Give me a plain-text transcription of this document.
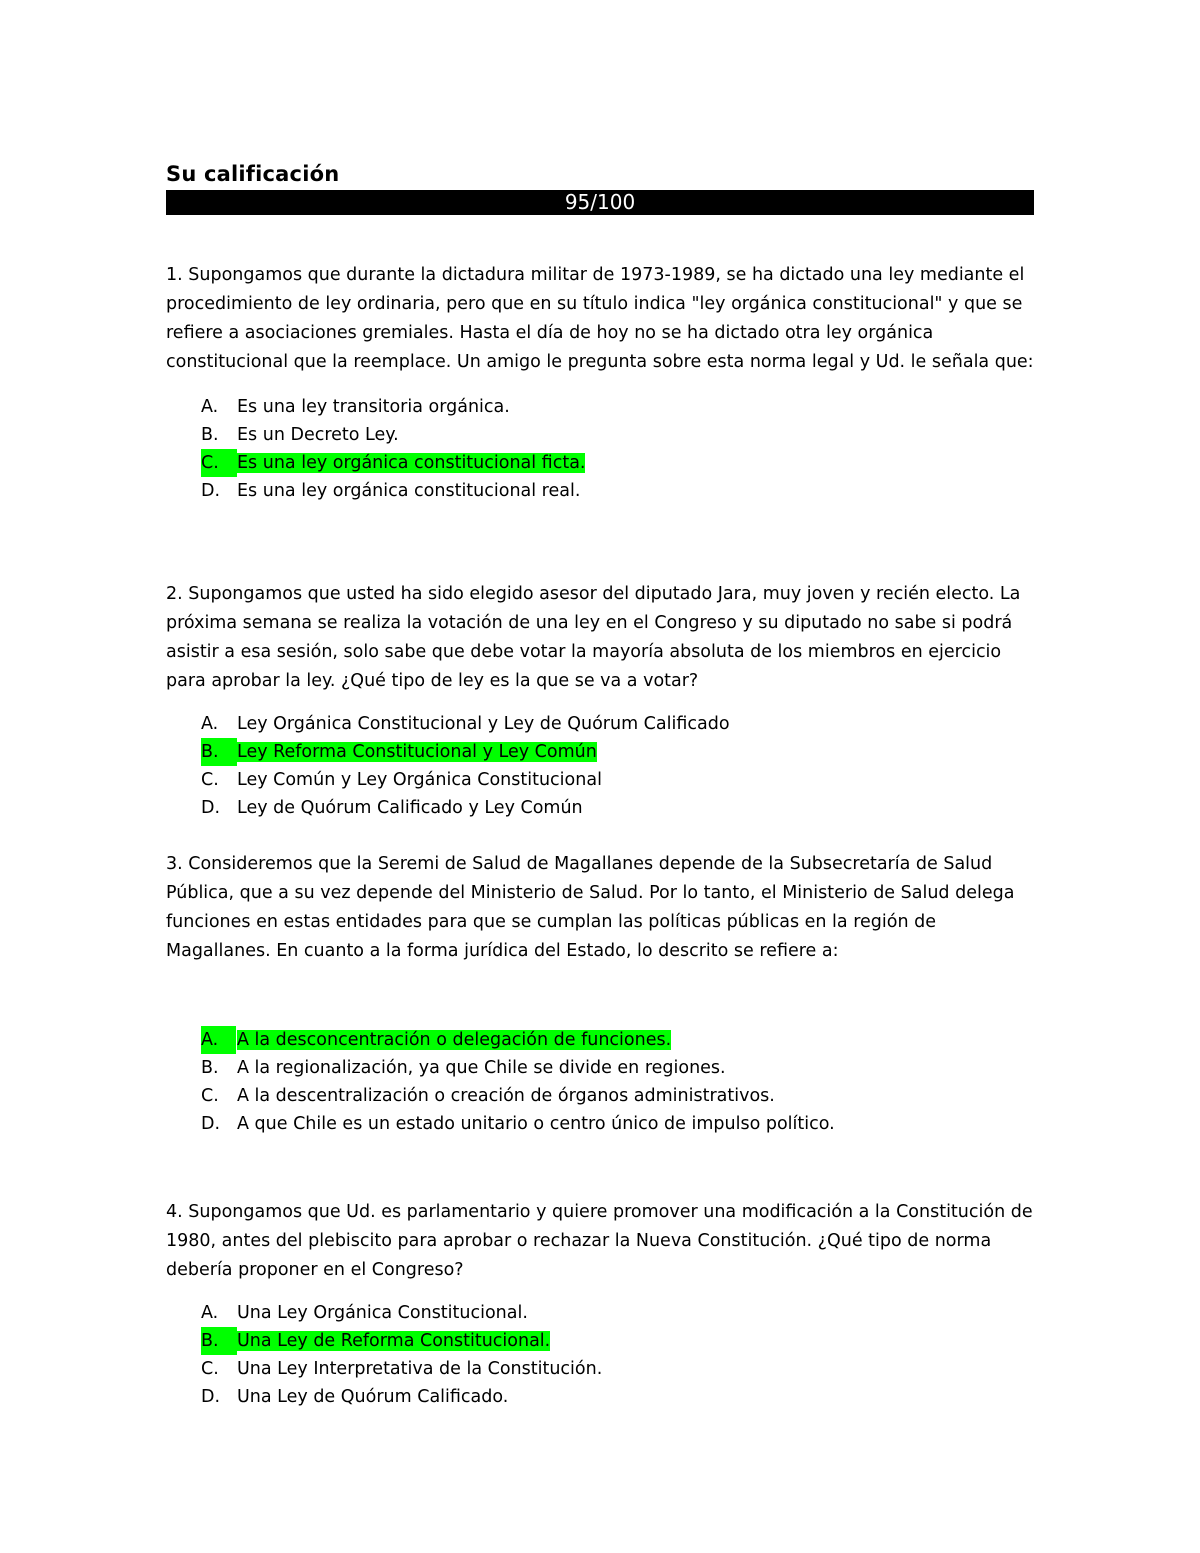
Su calificación
95/100

1. Supongamos que durante la dictadura militar de 1973-1989, se ha dictado una ley mediante el procedimiento de ley ordinaria, pero que en su título indica "ley orgánica constitucional" y que se refiere a asociaciones gremiales. Hasta el día de hoy no se ha dictado otra ley orgánica constitucional que la reemplace. Un amigo le pregunta sobre esta norma legal y Ud. le señala que:

A. Es una ley transitoria orgánica.
B. Es un Decreto Ley.
C.	Es una ley orgánica constitucional ficta.
D. Es una ley orgánica constitucional real.

2. Supongamos que usted ha sido elegido asesor del diputado Jara, muy joven y recién electo. La próxima semana se realiza la votación de una ley en el Congreso y su diputado no sabe si podrá asistir a esa sesión, solo sabe que debe votar la mayoría absoluta de los miembros en ejercicio para aprobar la ley. ¿Qué tipo de ley es la que se va a votar?

A. Ley Orgánica Constitucional y Ley de Quórum Calificado
B.	Ley Reforma Constitucional y Ley Común
C. Ley Común y Ley Orgánica Constitucional
D. Ley de Quórum Calificado y Ley Común

3. Consideremos que la Seremi de Salud de Magallanes depende de la Subsecretaría de Salud Pública, que a su vez depende del Ministerio de Salud. Por lo tanto, el Ministerio de Salud delega funciones en estas entidades para que se cumplan las políticas públicas en la región de Magallanes. En cuanto a la forma jurídica del Estado, lo descrito se refiere a:

A.	A la desconcentración o delegación de funciones.
B. A la regionalización, ya que Chile se divide en regiones.
C. A la descentralización o creación de órganos administrativos.
D. A que Chile es un estado unitario o centro único de impulso político.

4. Supongamos que Ud. es parlamentario y quiere promover una modificación a la Constitución de 1980, antes del plebiscito para aprobar o rechazar la Nueva Constitución. ¿Qué tipo de norma debería proponer en el Congreso?

A. Una Ley Orgánica Constitucional.
B.	Una Ley de Reforma Constitucional.
C. Una Ley Interpretativa de la Constitución.
D. Una Ley de Quórum Calificado.
